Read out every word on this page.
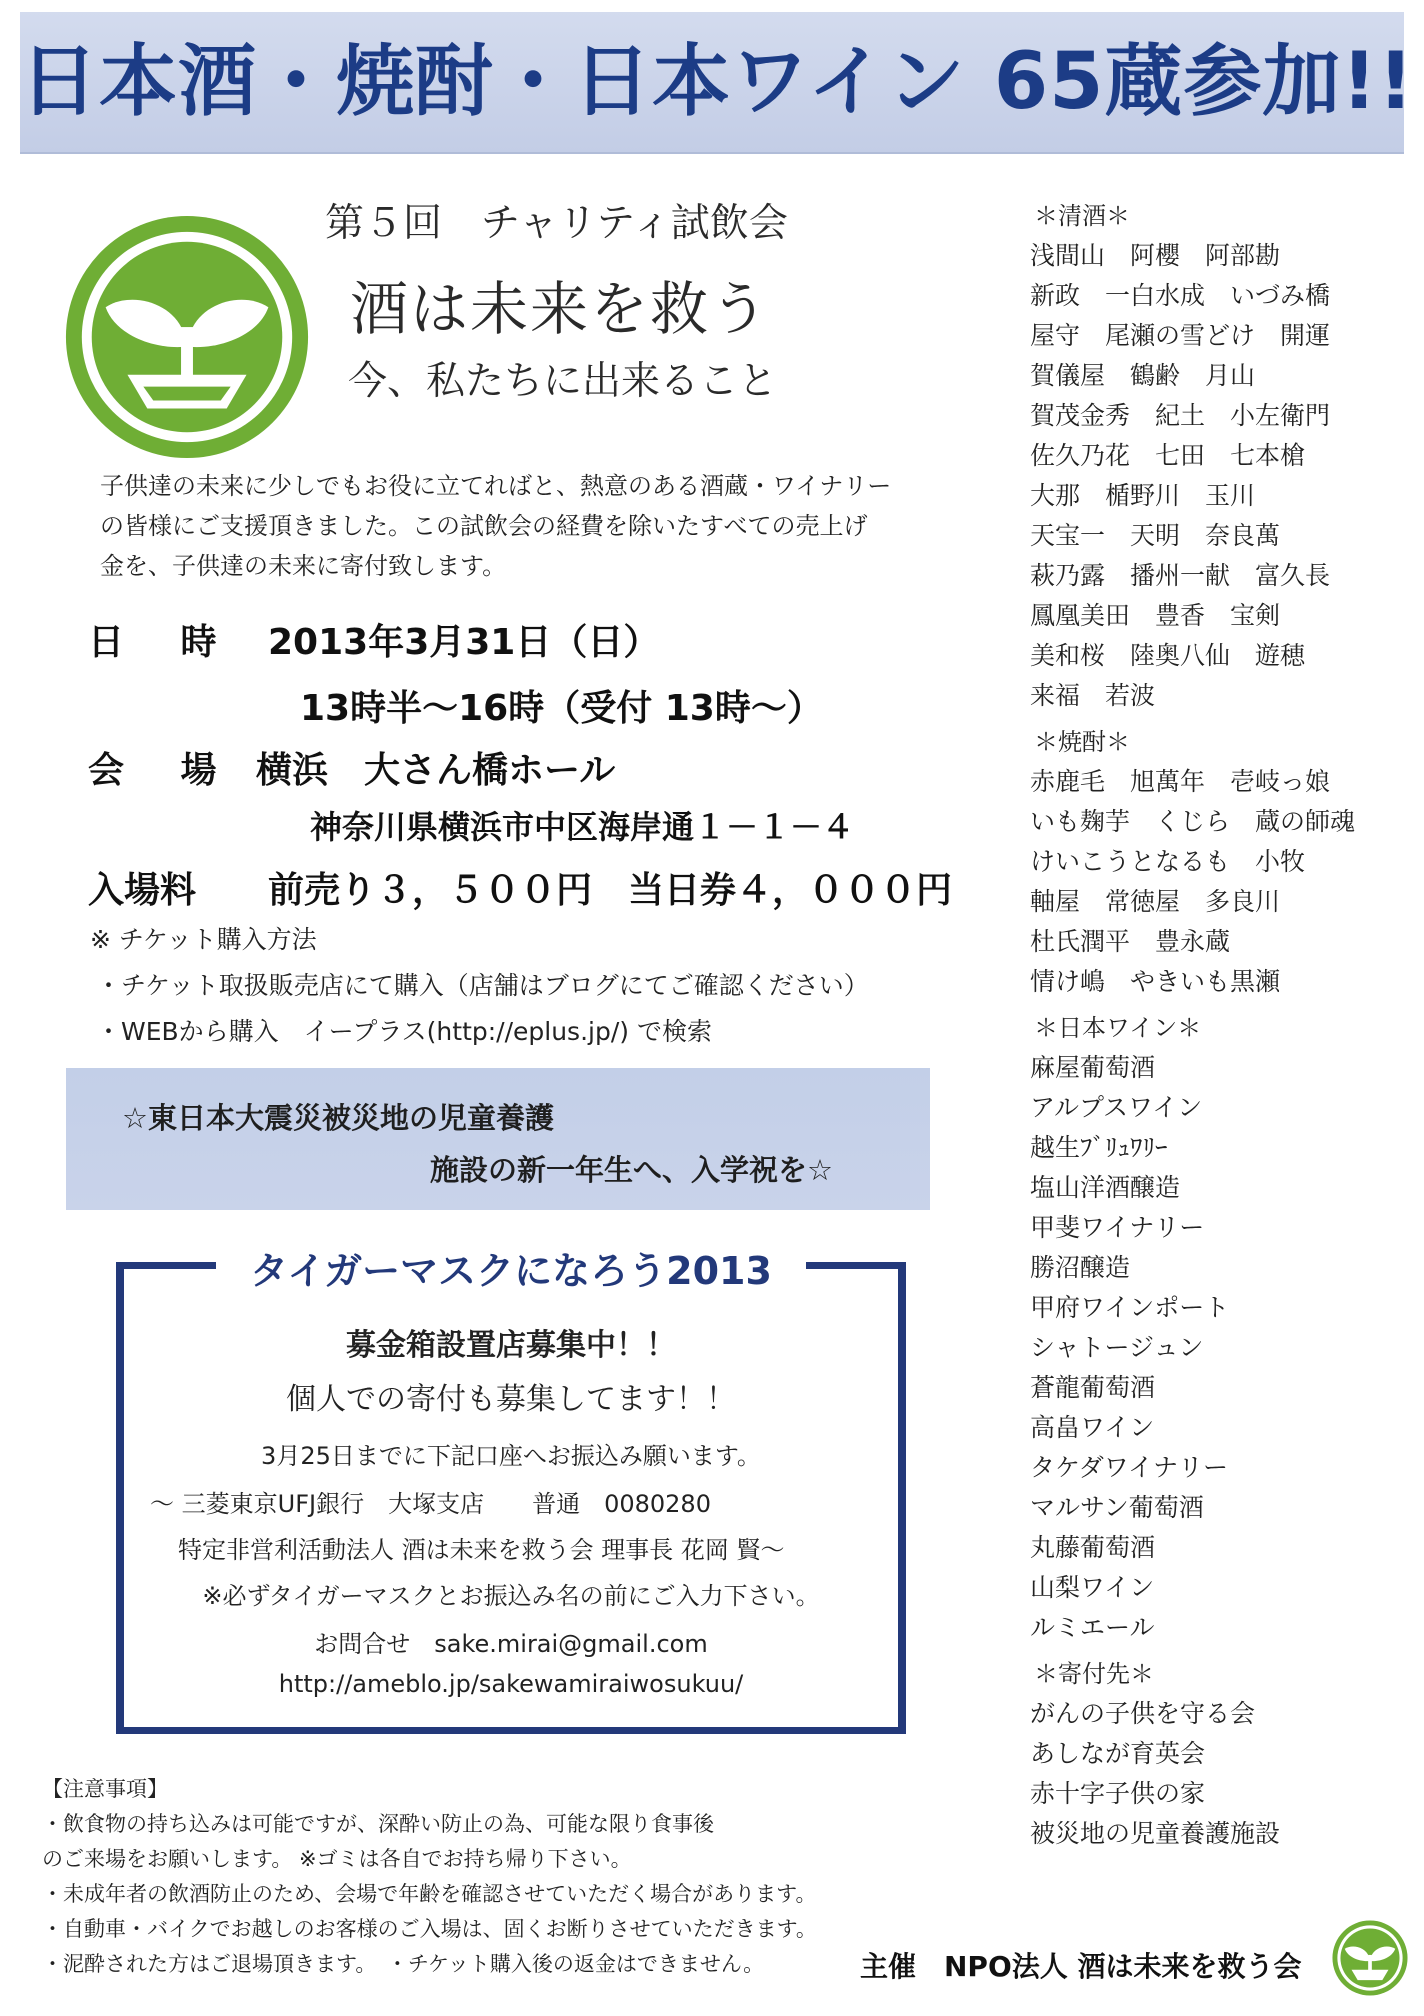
日本酒・焼酎・日本ワイン 65蔵参加!!
第５回　チャリティ試飲会
酒は未来を救う
今、私たちに出来ること
子供達の未来に少しでもお役に立てればと、熱意のある酒蔵・ワイナリー
の皆様にご支援頂きました。この試飲会の経費を除いたすべての売上げ
金を、子供達の未来に寄付致します。
日 時 2013年3月31日（日）
13時半～16時（受付 13時～）
会 場 横浜　大さん橋ホール
神奈川県横浜市中区海岸通１－１－４
入場料 前売り３，５００円　当日券４，０００円
※ チケット購入方法
・チケット取扱販売店にて購入（店舗はブログにてご確認ください）
・WEBから購入　イープラス(http://eplus.jp/) で検索
☆東日本大震災被災地の児童養護
施設の新一年生へ、入学祝を☆
タイガーマスクになろう2013
募金箱設置店募集中！！
個人での寄付も募集してます！！
3月25日までに下記口座へお振込み願います。
～ 三菱東京UFJ銀行　大塚支店　　普通　0080280
特定非営利活動法人 酒は未来を救う会 理事長 花岡 賢～
※必ずタイガーマスクとお振込み名の前にご入力下さい。
お問合せ　sake.mirai@gmail.com
http://ameblo.jp/sakewamiraiwosukuu/
【注意事項】
・飲食物の持ち込みは可能ですが、深酔い防止の為、可能な限り食事後
のご来場をお願いします。 ※ゴミは各自でお持ち帰り下さい。
・未成年者の飲酒防止のため、会場で年齢を確認させていただく場合があります。
・自動車・バイクでお越しのお客様のご入場は、固くお断りさせていただきます。
・泥酔された方はご退場頂きます。　・チケット購入後の返金はできません。	主催　NPO法人 酒は未来を救う会
＊清酒＊
浅間山　阿櫻　阿部勘
新政　一白水成　いづみ橋
屋守　尾瀬の雪どけ　開運
賀儀屋　鶴齢　月山
賀茂金秀　紀土　小左衛門
佐久乃花　七田　七本槍
大那　楯野川　玉川
天宝一　天明　奈良萬
萩乃露　播州一献　富久長
鳳凰美田　豊香　宝剣
美和桜　陸奥八仙　遊穂
来福　若波
＊焼酎＊
赤鹿毛　旭萬年　壱岐っ娘
いも麹芋　くじら　蔵の師魂
けいこうとなるも　小牧
軸屋　常徳屋　多良川
杜氏潤平　豊永蔵
情け嶋　やきいも黒瀬
＊日本ワイン＊
麻屋葡萄酒
アルプスワイン
越生ﾌﾞﾘｭﾜﾘｰ
塩山洋酒醸造
甲斐ワイナリー
勝沼醸造
甲府ワインポート
シャトージュン
蒼龍葡萄酒
高畠ワイン
タケダワイナリー
マルサン葡萄酒
丸藤葡萄酒
山梨ワイン
ルミエール
＊寄付先＊
がんの子供を守る会
あしなが育英会
赤十字子供の家
被災地の児童養護施設
